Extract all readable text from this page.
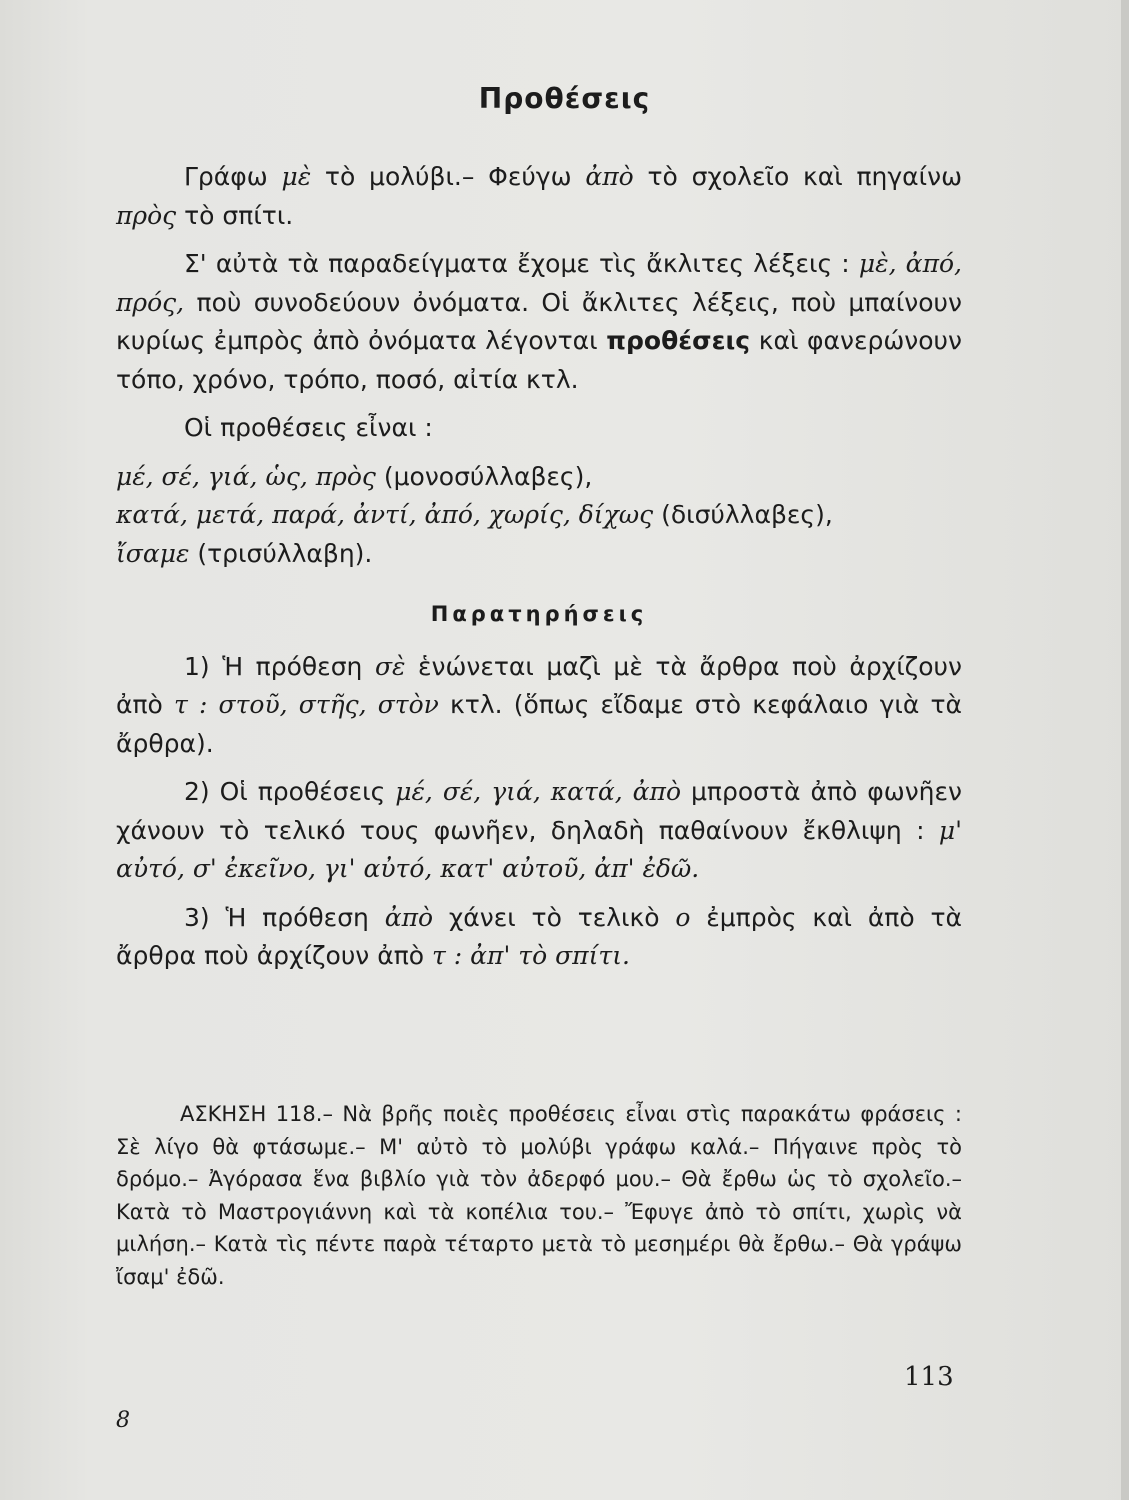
Προθέσεις

Γράφω μὲ τὸ μολύβι.– Φεύγω ἀπὸ τὸ σχολεῖο καὶ πηγαίνω πρὸς τὸ σπίτι.

Σ' αὐτὰ τὰ παραδείγματα ἔχομε τὶς ἄκλιτες λέξεις : μὲ, ἀπό, πρός, ποὺ συνοδεύουν ὀνόματα. Οἱ ἄκλιτες λέξεις, ποὺ μπαίνουν κυρίως ἐμπρὸς ἀπὸ ὀνόματα λέγονται προθέσεις καὶ φανερώνουν τόπο, χρόνο, τρόπο, ποσό, αἰτία κτλ.

Οἱ προθέσεις εἶναι :

μέ, σέ, γιά, ὡς, πρὸς (μονοσύλλαβες),

κατά, μετά, παρά, ἀντί, ἀπό, χωρίς, δίχως (δισύλλαβες),

ἴσαμε (τρισύλλαβη).

Παρατηρήσεις

1) Ἡ πρόθεση σὲ ἑνώνεται μαζὶ μὲ τὰ ἄρθρα ποὺ ἀρχίζουν ἀπὸ τ : στοῦ, στῆς, στὸν κτλ. (ὅπως εἴδαμε στὸ κεφάλαιο γιὰ τὰ ἄρθρα).

2) Οἱ προθέσεις μέ, σέ, γιά, κατά, ἀπὸ μπροστὰ ἀπὸ φωνῆεν χάνουν τὸ τελικό τους φωνῆεν, δηλαδὴ παθαίνουν ἔκθλιψη : μ' αὐτό, σ' ἐκεῖνο, γι' αὐτό, κατ' αὐτοῦ, ἀπ' ἐδῶ.

3) Ἡ πρόθεση ἀπὸ χάνει τὸ τελικὸ ο ἐμπρὸς καὶ ἀπὸ τὰ ἄρθρα ποὺ ἀρχίζουν ἀπὸ τ : ἀπ' τὸ σπίτι.

ΑΣΚΗΣΗ 118.– Νὰ βρῆς ποιὲς προθέσεις εἶναι στὶς παρακάτω φράσεις : Σὲ λίγο θὰ φτάσωμε.– Μ' αὐτὸ τὸ μολύβι γράφω καλά.– Πήγαινε πρὸς τὸ δρόμο.– Ἀγόρασα ἕνα βιβλίο γιὰ τὸν ἀδερφό μου.– Θὰ ἔρθω ὡς τὸ σχολεῖο.– Κατὰ τὸ Μαστρογιάννη καὶ τὰ κοπέλια του.– Ἔφυγε ἀπὸ τὸ σπίτι, χωρὶς νὰ μιλήση.– Κατὰ τὶς πέντε παρὰ τέταρτο μετὰ τὸ μεσημέρι θὰ ἔρθω.– Θὰ γράψω ἴσαμ' ἐδῶ.

113
8
